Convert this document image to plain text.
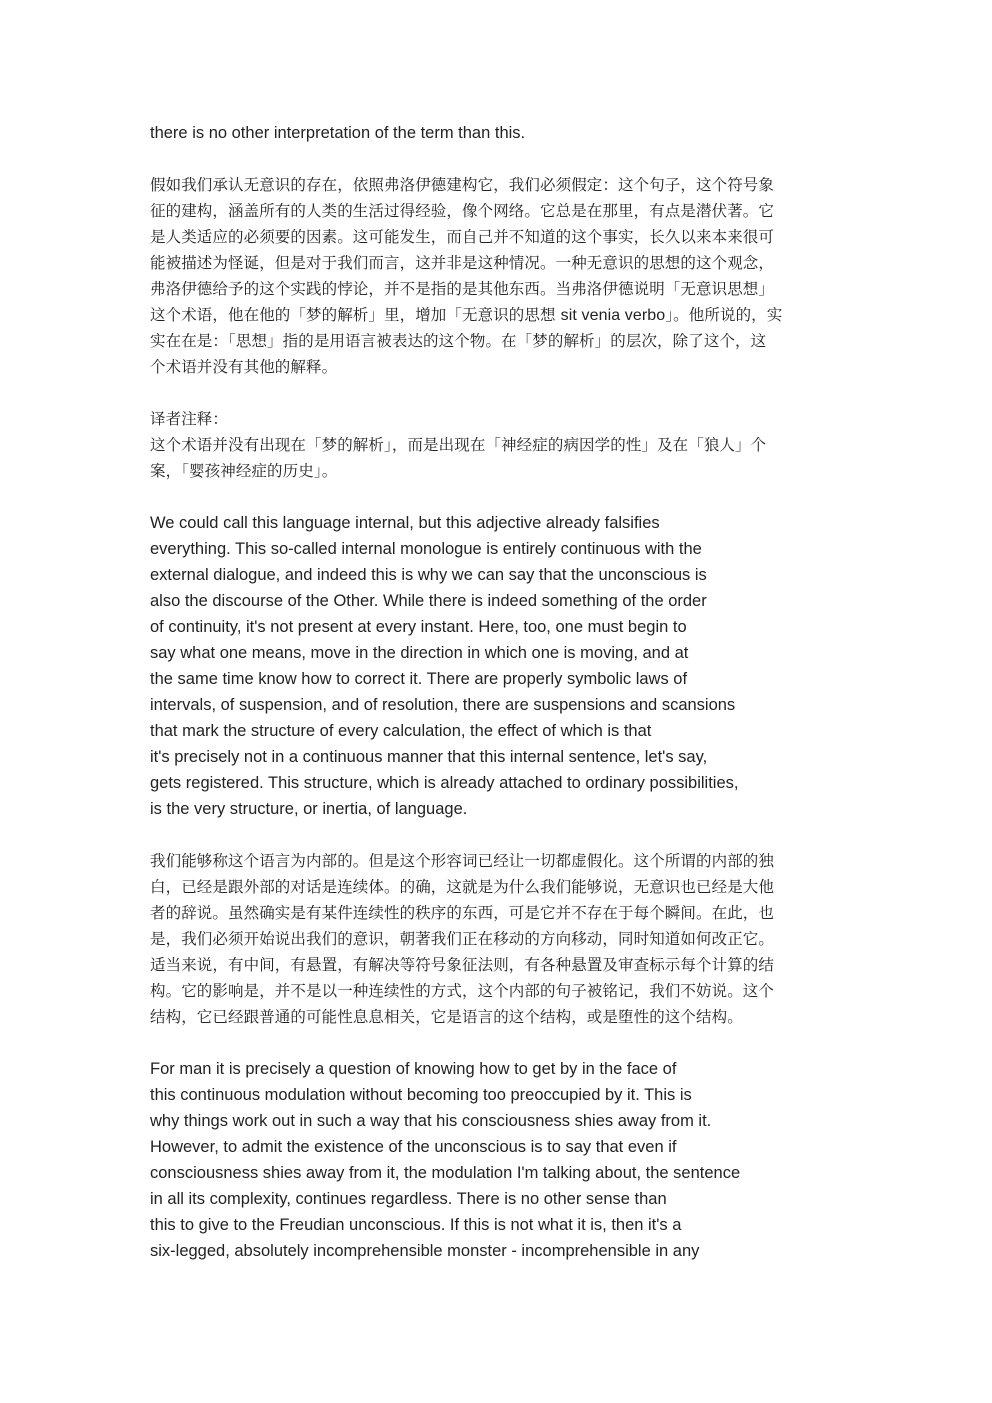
there is no other interpretation of the term than this.
假如我们承认无意识的存在，依照弗洛伊德建构它，我们必须假定：这个句子，这个符号象
征的建构，涵盖所有的人类的生活过得经验，像个网络。它总是在那里，有点是潜伏著。它
是人类适应的必须要的因素。这可能发生，而自己并不知道的这个事实，长久以来本来很可
能被描述为怪诞，但是对于我们而言，这并非是这种情况。一种无意识的思想的这个观念，
弗洛伊德给予的这个实践的悖论，并不是指的是其他东西。当弗洛伊德说明「无意识思想」
这个术语，他在他的「梦的解析」里，增加「无意识的思想 sit venia verbo」。他所说的，实
实在在是：「思想」指的是用语言被表达的这个物。在「梦的解析」的层次，除了这个，这
个术语并没有其他的解释。
译者注释：
这个术语并没有出现在「梦的解析」，而是出现在「神经症的病因学的性」及在「狼人」个
案，「婴孩神经症的历史」。
We could call this language internal, but this adjective already falsifies
everything. This so-called internal monologue is entirely continuous with the
external dialogue, and indeed this is why we can say that the unconscious is
also the discourse of the Other. While there is indeed something of the order
of continuity, it's not present at every instant. Here, too, one must begin to
say what one means, move in the direction in which one is moving, and at
the same time know how to correct it. There are properly symbolic laws of
intervals, of suspension, and of resolution, there are suspensions and scansions
that mark the structure of every calculation, the effect of which is that
it's precisely not in a continuous manner that this internal sentence, let's say,
gets registered. This structure, which is already attached to ordinary possibilities,
is the very structure, or inertia, of language.
我们能够称这个语言为内部的。但是这个形容词已经让一切都虚假化。这个所谓的内部的独
白，已经是跟外部的对话是连续体。的确，这就是为什么我们能够说，无意识也已经是大他
者的辞说。虽然确实是有某件连续性的秩序的东西，可是它并不存在于每个瞬间。在此，也
是，我们必须开始说出我们的意识，朝著我们正在移动的方向移动，同时知道如何改正它。
适当来说，有中间，有悬置，有解决等符号象征法则，有各种悬置及审查标示每个计算的结
构。它的影响是，并不是以一种连续性的方式，这个内部的句子被铭记，我们不妨说。这个
结构，它已经跟普通的可能性息息相关，它是语言的这个结构，或是堕性的这个结构。
For man it is precisely a question of knowing how to get by in the face of
this continuous modulation without becoming too preoccupied by it. This is
why things work out in such a way that his consciousness shies away from it.
However, to admit the existence of the unconscious is to say that even if
consciousness shies away from it, the modulation I'm talking about, the sentence
in all its complexity, continues regardless. There is no other sense than
this to give to the Freudian unconscious. If this is not what it is, then it's a
six-legged, absolutely incomprehensible monster - incomprehensible in any
